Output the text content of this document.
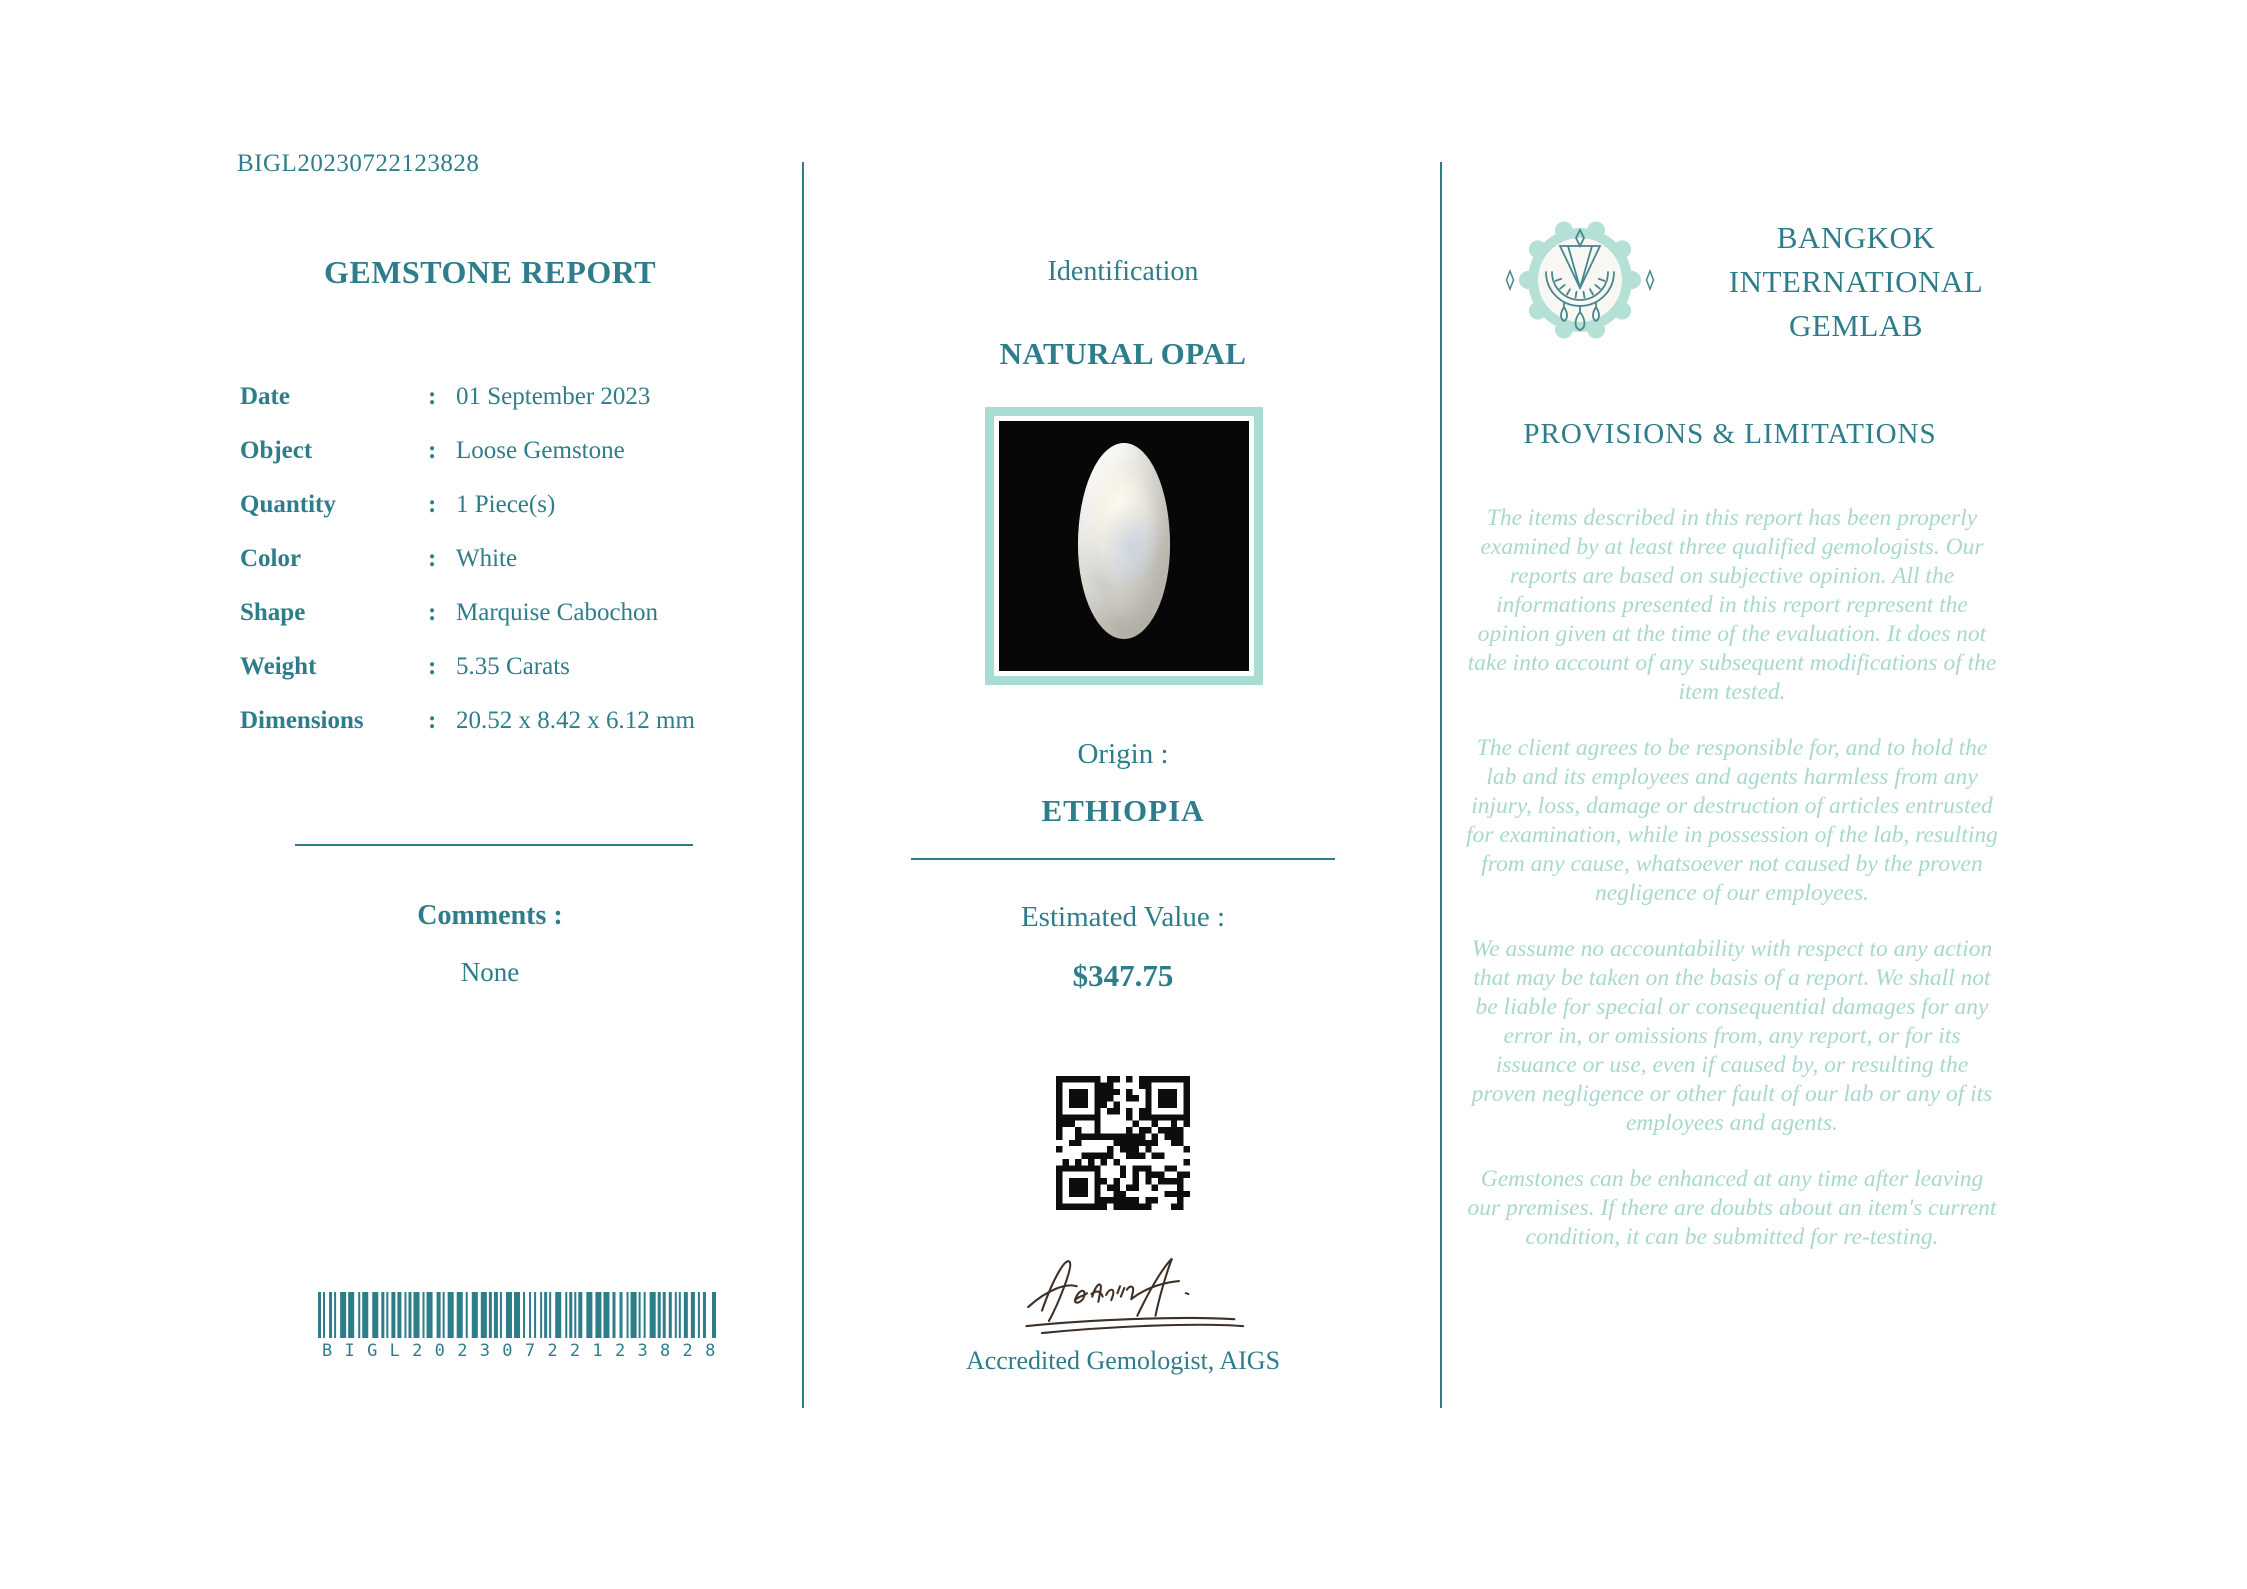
BIGL20230722123828
GEMSTONE REPORT
Date	: 01 September 2023
Object	: Loose Gemstone
Quantity	: 1 Piece(s)
Color	: White
Shape	: Marquise Cabochon
Weight	: 5.35 Carats
Dimensions	: 20.52 x 8.42 x 6.12 mm
Comments :
None
BIGL20230722123828
Identification
NATURAL OPAL
Origin :
ETHIOPIA
Estimated Value :
$347.75
Accredited Gemologist, AIGS
BANGKOK
INTERNATIONAL
GEMLAB
PROVISIONS & LIMITATIONS

The items described in this report has been properly examined by at least three qualified gemologists. Our reports are based on subjective opinion. All the informations presented in this report represent the opinion given at the time of the evaluation. It does not take into account of any subsequent modifications of the item tested.

The client agrees to be responsible for, and to hold the lab and its employees and agents harmless from any injury, loss, damage or destruction of articles entrusted for examination, while in possession of the lab, resulting from any cause, whatsoever not caused by the proven negligence of our employees.

We assume no accountability with respect to any action that may be taken on the basis of a report. We shall not be liable for special or consequential damages for any error in, or omissions from, any report, or for its issuance or use, even if caused by, or resulting the proven negligence or other fault of our lab or any of its employees and agents.

Gemstones can be enhanced at any time after leaving our premises. If there are doubts about an item's current condition, it can be submitted for re-testing.
